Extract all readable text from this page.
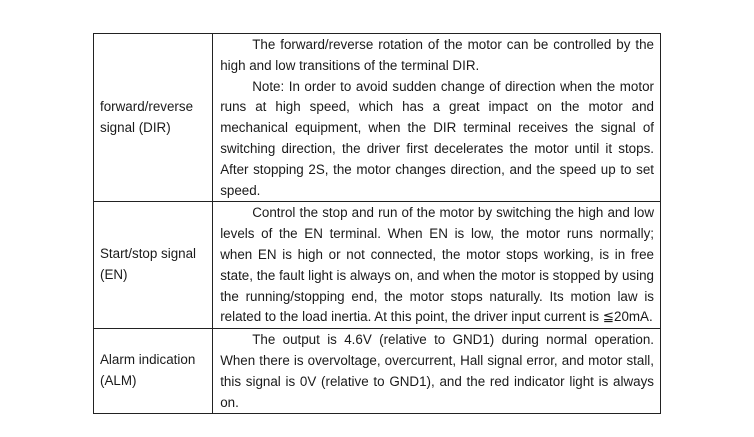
forward/reverse signal (DIR)	The forward/reverse rotation of the motor can be controlled by the high and low transitions of the terminal DIR.

Note: In order to avoid sudden change of direction when the motor runs at high speed, which has a great impact on the motor and mechanical equipment, when the DIR terminal receives the signal of switching direction, the driver first decelerates the motor until it stops. After stopping 2S, the motor changes direction, and the speed up to set speed.

Start/stop signal (EN)	Control the stop and run of the motor by switching the high and low levels of the EN terminal. When EN is low, the motor runs normally; when EN is high or not connected, the motor stops working, is in free state, the fault light is always on, and when the motor is stopped by using the running/stopping end, the motor stops naturally. Its motion law is related to the load inertia. At this point, the driver input current is ≦20mA.

Alarm indication (ALM)	The output is 4.6V (relative to GND1) during normal operation. When there is overvoltage, overcurrent, Hall signal error, and motor stall, this signal is 0V (relative to GND1), and the red indicator light is always on.
